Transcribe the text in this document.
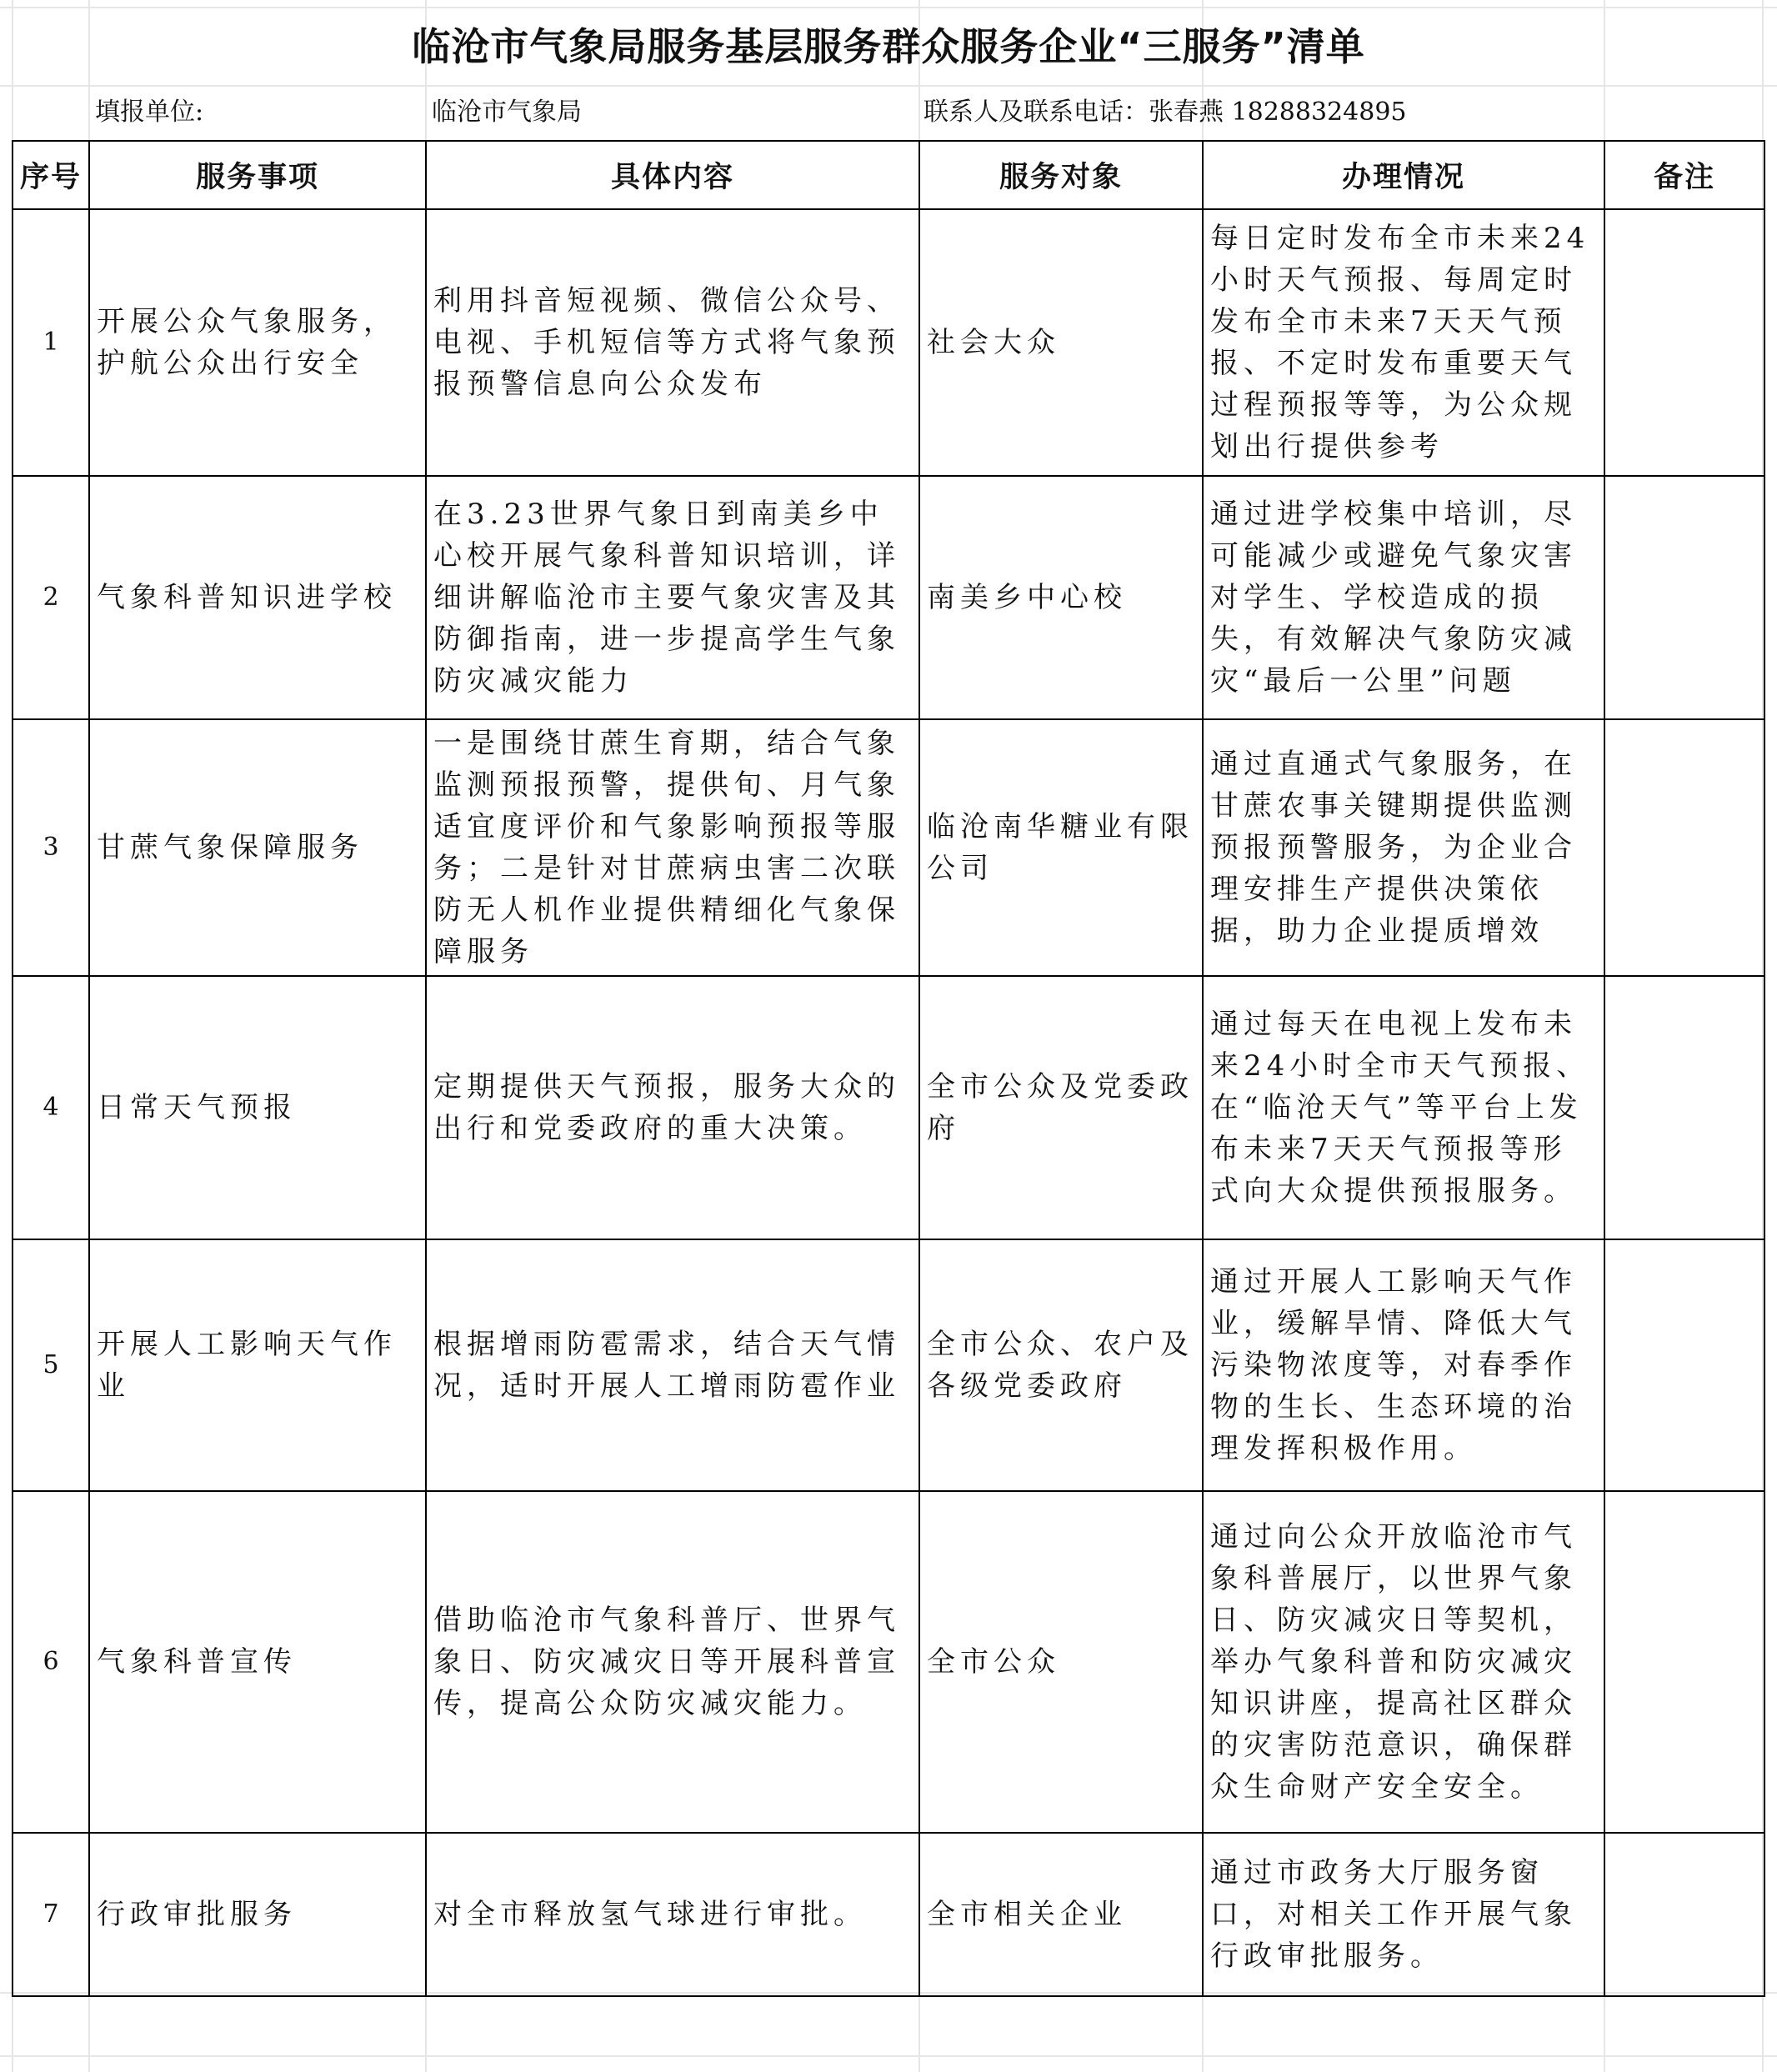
临沧市气象局服务基层服务群众服务企业“三服务”清单
填报单位:	临沧市气象局	联系人及联系电话：张春燕 18288324895
序号	服务事项	具体内容	服务对象	办理情况	备注
1	开展公众气象服务，护航公众出行安全	利用抖音短视频、微信公众号、电视、手机短信等方式将气象预报预警信息向公众发布	社会大众	每日定时发布全市未来24小时天气预报、每周定时发布全市未来7天天气预报、不定时发布重要天气过程预报等等，为公众规划出行提供参考	
2	气象科普知识进学校	在3.23世界气象日到南美乡中心校开展气象科普知识培训，详细讲解临沧市主要气象灾害及其防御指南，进一步提高学生气象防灾减灾能力	南美乡中心校	通过进学校集中培训，尽可能减少或避免气象灾害对学生、学校造成的损失，有效解决气象防灾减灾“最后一公里”问题	
3	甘蔗气象保障服务	一是围绕甘蔗生育期，结合气象监测预报预警，提供旬、月气象适宜度评价和气象影响预报等服务；二是针对甘蔗病虫害二次联防无人机作业提供精细化气象保障服务	临沧南华糖业有限公司	通过直通式气象服务，在甘蔗农事关键期提供监测预报预警服务，为企业合理安排生产提供决策依据，助力企业提质增效	
4	日常天气预报	定期提供天气预报，服务大众的出行和党委政府的重大决策。	全市公众及党委政府	通过每天在电视上发布未来24小时全市天气预报、在“临沧天气”等平台上发布未来7天天气预报等形式向大众提供预报服务。	
5	开展人工影响天气作业	根据增雨防雹需求，结合天气情况，适时开展人工增雨防雹作业	全市公众、农户及各级党委政府	通过开展人工影响天气作业，缓解旱情、降低大气污染物浓度等，对春季作物的生长、生态环境的治理发挥积极作用。	
6	气象科普宣传	借助临沧市气象科普厅、世界气象日、防灾减灾日等开展科普宣传，提高公众防灾减灾能力。	全市公众	通过向公众开放临沧市气象科普展厅，以世界气象日、防灾减灾日等契机，举办气象科普和防灾减灾知识讲座，提高社区群众的灾害防范意识，确保群众生命财产安全安全。	
7	行政审批服务	对全市释放氢气球进行审批。	全市相关企业	通过市政务大厅服务窗口，对相关工作开展气象行政审批服务。	
